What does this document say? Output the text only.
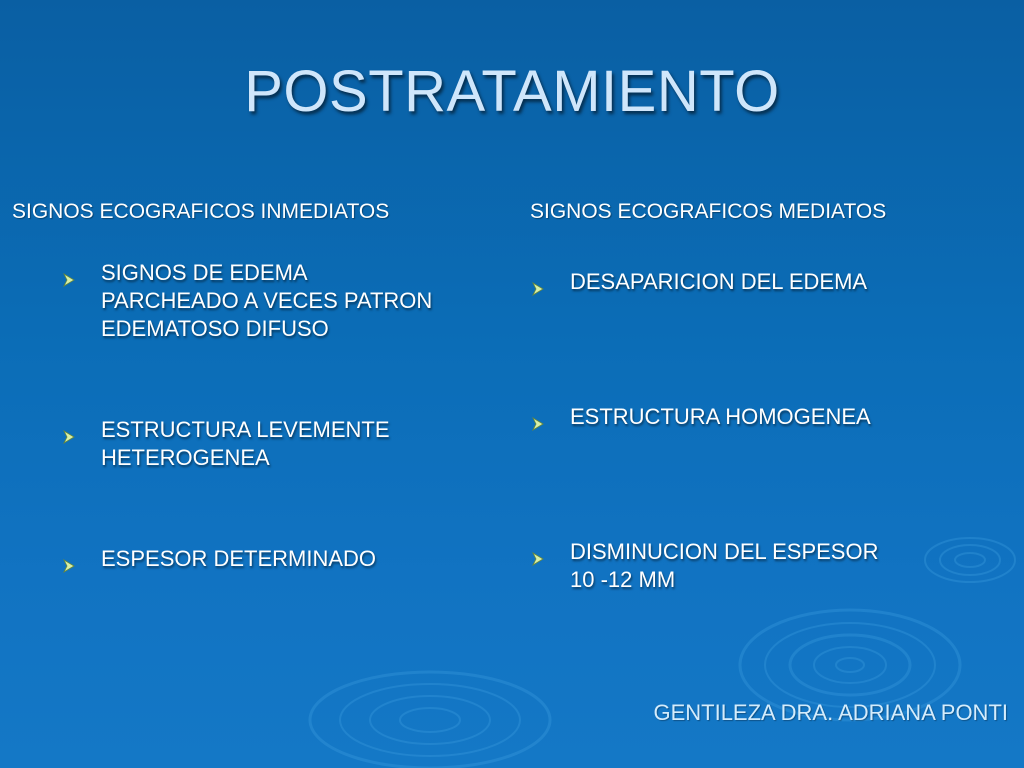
POSTRATAMIENTO
SIGNOS ECOGRAFICOS INMEDIATOS	SIGNOS ECOGRAFICOS MEDIATOS
SIGNOS DE EDEMA
PARCHEADO A VECES PATRON
EDEMATOSO DIFUSO
ESTRUCTURA LEVEMENTE
HETEROGENEA
ESPESOR DETERMINADO
DESAPARICION DEL EDEMA
ESTRUCTURA HOMOGENEA
DISMINUCION DEL ESPESOR
10 -12 MM
GENTILEZA DRA. ADRIANA PONTI
